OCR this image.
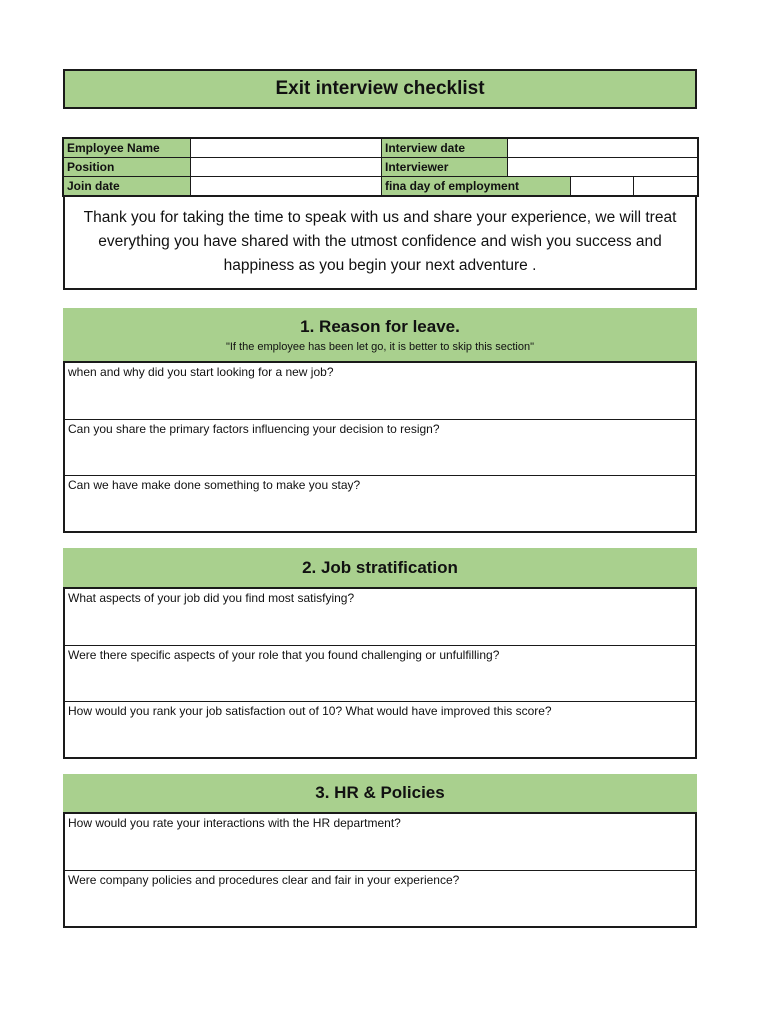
Exit interview checklist
Employee Name		Interview date			
Position		Interviewer			
Join date		fina day of employment			
Thank you for taking the time to speak with us and share your experience, we will treat everything you have shared with the utmost confidence and wish you success and happiness as you begin your next adventure .
1. Reason for leave.
"If the employee has been let go, it is better to skip this section"
when and why did you start looking for a new job?
Can you share the primary factors influencing your decision to resign?
Can we have make done something to make you stay?
2. Job stratification
What aspects of your job did you find most satisfying?
Were there specific aspects of your role that you found challenging or unfulfilling?
How would you rank your job satisfaction out of 10? What would have improved this score?
3. HR & Policies
How would you rate your interactions with the HR department?
Were company policies and procedures clear and fair in your experience?
